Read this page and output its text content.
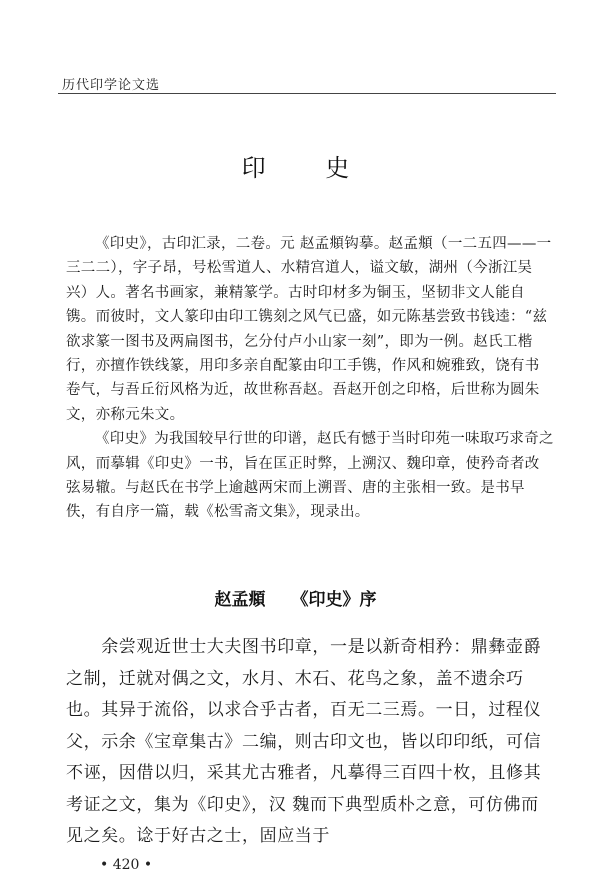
历代印学论文选
印 史

《印史》，古印汇录，二卷。元 赵孟頫钩摹。赵孟頫（一二五四——一三二二），字子昂，号松雪道人、水精宫道人，谥文敏，湖州（今浙江吴兴）人。著名书画家，兼精篆学。古时印材多为铜玉，坚韧非文人能自镌。而彼时，文人篆印由印工镌刻之风气已盛，如元陈基尝致书钱逵：“兹欲求篆一图书及两扁图书，乞分付卢小山家一刻”，即为一例。赵氏工楷行，亦擅作铁线篆，用印多亲自配篆由印工手镌，作风和婉雅致，饶有书卷气，与吾丘衍风格为近，故世称吾赵。吾赵开创之印格，后世称为圆朱文，亦称元朱文。

《印史》为我国较早行世的印谱，赵氏有憾于当时印苑一味取巧求奇之风，而摹辑《印史》一书，旨在匡正时弊，上溯汉、魏印章，使矜奇者改弦易辙。与赵氏在书学上逾越两宋而上溯晋、唐的主张相一致。是书早佚，有自序一篇，载《松雪斋文集》，现录出。

赵孟頫 《印史》序

　　余尝观近世士大夫图书印章，一是以新奇相矜：鼎彝壶爵之制，迁就对偶之文，水月、木石、花鸟之象，盖不遗余巧也。其异于流俗，以求合乎古者，百无二三焉。一日，过程仪父，示余《宝章集古》二编，则古印文也，皆以印印纸，可信不诬，因借以归，采其尤古雅者，凡摹得三百四十枚，且修其考证之文，集为《印史》，汉 魏而下典型质朴之意，可仿佛而见之矣。谂于好古之士，固应当于

• 420 •
